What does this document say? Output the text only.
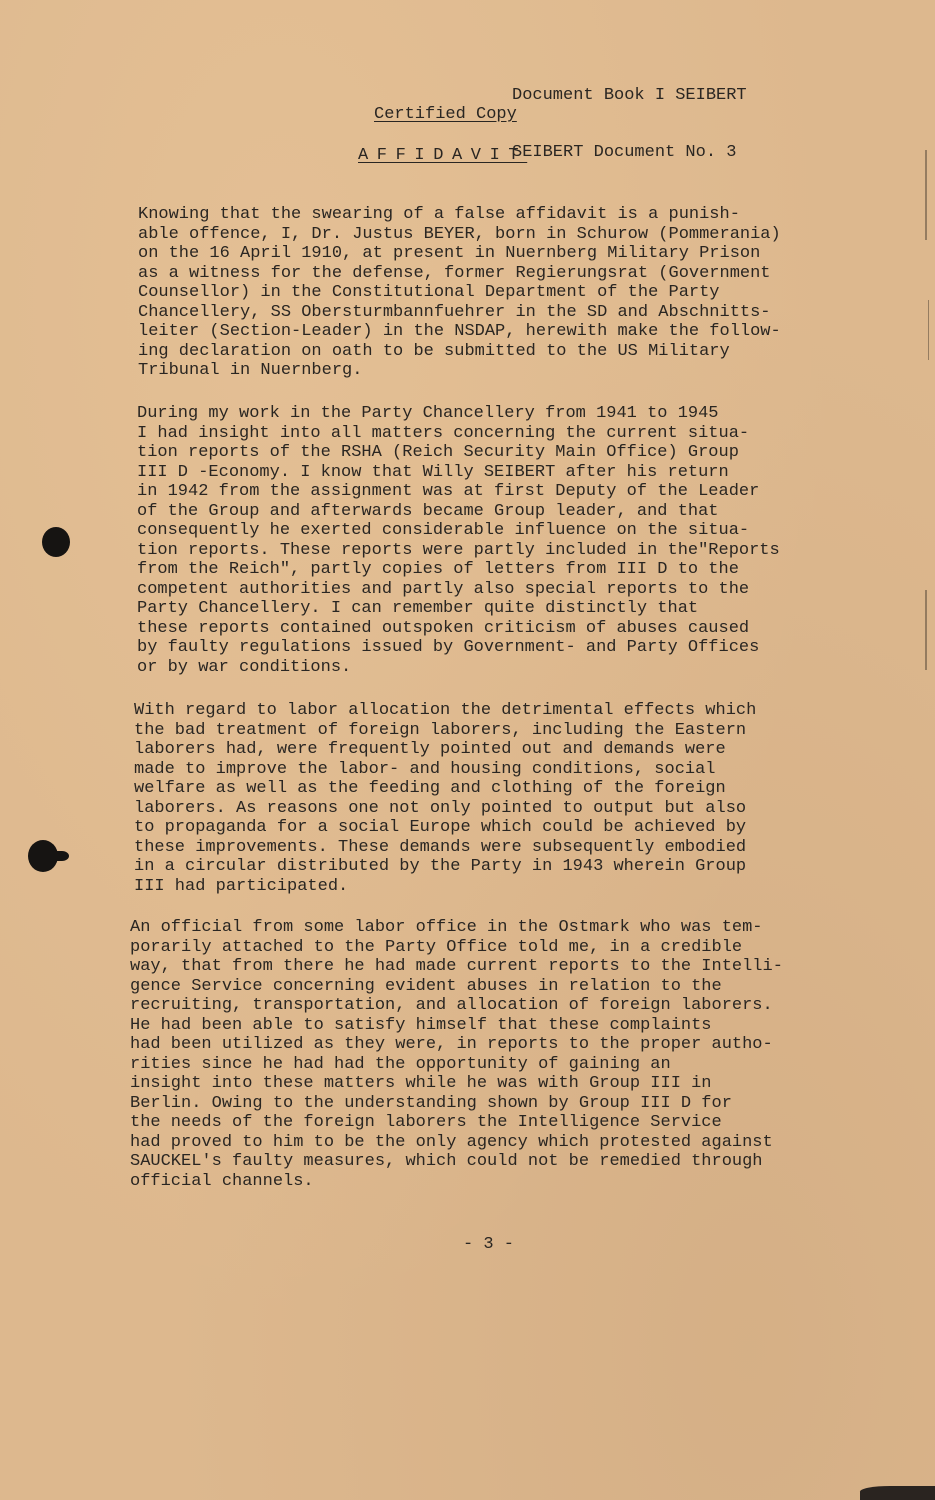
Document Book I SEIBERT

SEIBERT Document No. 3

Certified Copy
AFFIDAVIT

Knowing that the swearing of a false affidavit is a punish-
able offence, I, Dr. Justus BEYER, born in Schurow (Pommerania)
on the 16 April 1910, at present in Nuernberg Military Prison
as a witness for the defense, former Regierungsrat (Government
Counsellor) in the Constitutional Department of the Party
Chancellery, SS Obersturmbannfuehrer in the SD and Abschnitts-
leiter (Section-Leader) in the NSDAP, herewith make the follow-
ing declaration on oath to be submitted to the US Military
Tribunal in Nuernberg.

During my work in the Party Chancellery from 1941 to 1945
I had insight into all matters concerning the current situa-
tion reports of the RSHA (Reich Security Main Office) Group
III D -Economy. I know that Willy SEIBERT after his return
in 1942 from the assignment was at first Deputy of the Leader
of the Group and afterwards became Group leader, and that
consequently he exerted considerable influence on the situa-
tion reports. These reports were partly included in the"Reports
from the Reich", partly copies of letters from III D to the
competent authorities and partly also special reports to the
Party Chancellery. I can remember quite distinctly that
these reports contained outspoken criticism of abuses caused
by faulty regulations issued by Government- and Party Offices
or by war conditions.

With regard to labor allocation the detrimental effects which
the bad treatment of foreign laborers, including the Eastern
laborers had, were frequently pointed out and demands were
made to improve the labor- and housing conditions, social
welfare as well as the feeding and clothing of the foreign
laborers. As reasons one not only pointed to output but also
to propaganda for a social Europe which could be achieved by
these improvements. These demands were subsequently embodied
in a circular distributed by the Party in 1943 wherein Group
III had participated.

An official from some labor office in the Ostmark who was tem-
porarily attached to the Party Office told me, in a credible
way, that from there he had made current reports to the Intelli-
gence Service concerning evident abuses in relation to the
recruiting, transportation, and allocation of foreign laborers.
He had been able to satisfy himself that these complaints
had been utilized as they were, in reports to the proper autho-
rities since he had had the opportunity of gaining an
insight into these matters while he was with Group III in
Berlin. Owing to the understanding shown by Group III D for
the needs of the foreign laborers the Intelligence Service
had proved to him to be the only agency which protested against
SAUCKEL's faulty measures, which could not be remedied through
official channels.

- 3 -
